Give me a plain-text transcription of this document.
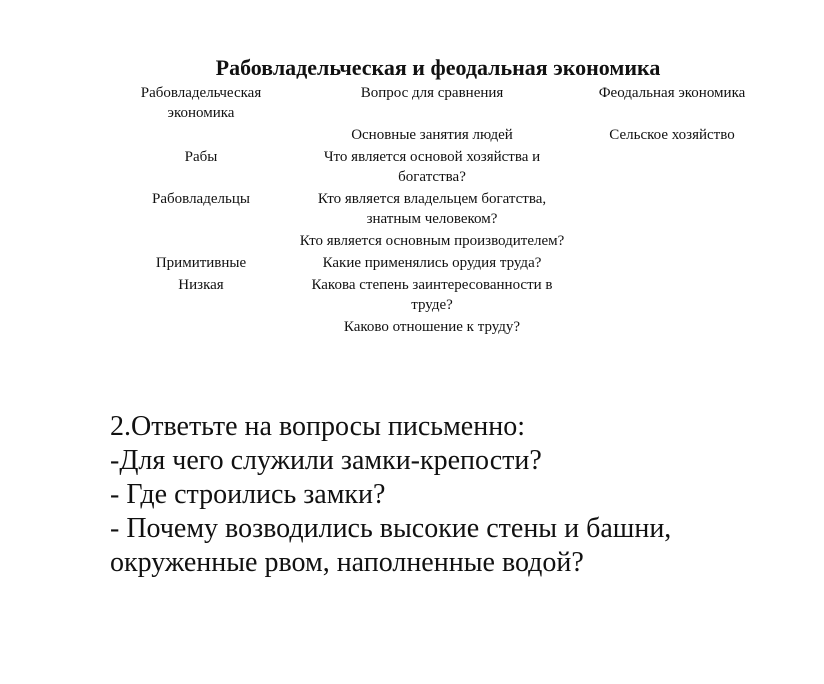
Рабовладельческая и феодальная экономика
Рабовладельческая экономика	Вопрос для сравнения	Феодальная экономика
	Основные занятия людей	Сельское хозяйство
Рабы	Что является основой хозяйства и богатства?	
Рабовладельцы	Кто является владельцем богатства, знатным человеком?	
	Кто является основным производителем?	
Примитивные	Какие применялись орудия труда?	
Низкая	Какова степень заинтересованности в труде?	
	Каково отношение к труду?	
2.Ответьте на вопросы письменно:
-Для чего служили замки-крепости?
- Где строились замки?
- Почему возводились высокие стены и башни,
окруженные рвом, наполненные водой?
